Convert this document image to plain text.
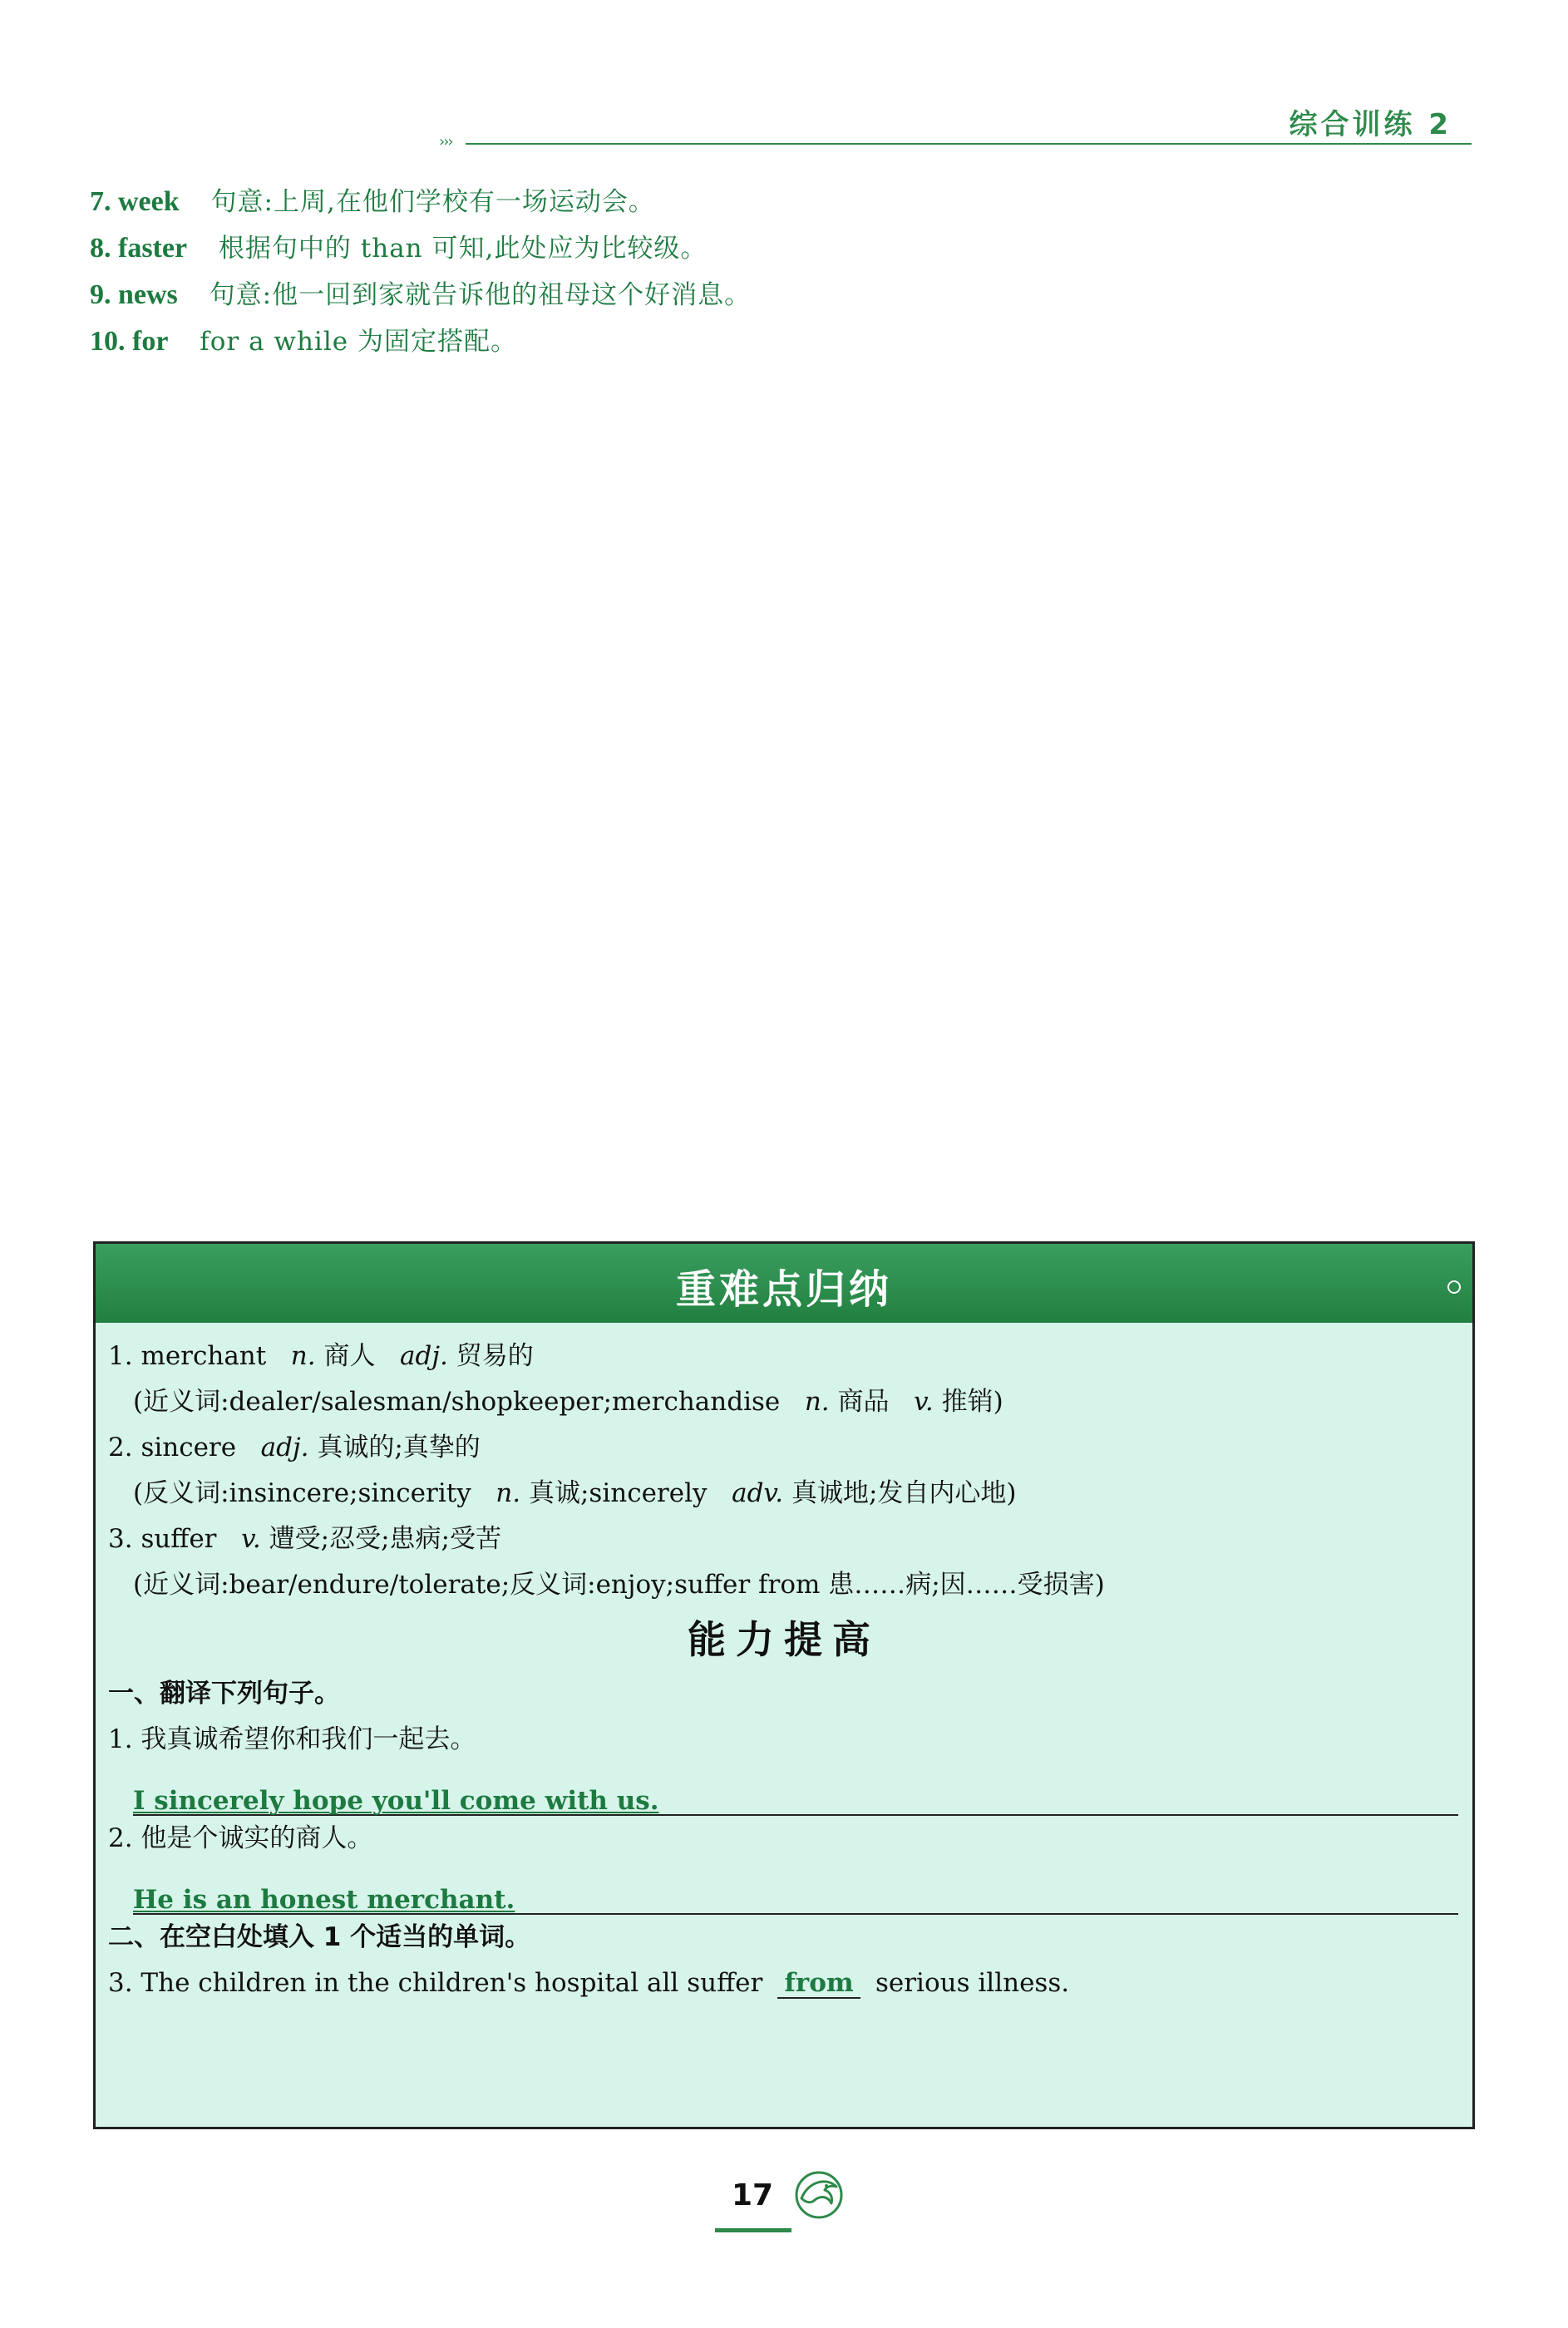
综合训练 2
›››
7. week 句意:上周,在他们学校有一场运动会。
8. faster 根据句中的 than 可知,此处应为比较级。
9. news 句意:他一回到家就告诉他的祖母这个好消息。
10. for for a while 为固定搭配。
重难点归纳
1. merchant n. 商人 adj. 贸易的
(近义词:dealer/salesman/shopkeeper;merchandise n. 商品 v. 推销)
2. sincere adj. 真诚的;真挚的
(反义词:insincere;sincerity n. 真诚;sincerely adv. 真诚地;发自内心地)
3. suffer v. 遭受;忍受;患病;受苦
(近义词:bear/endure/tolerate;反义词:enjoy;suffer from 患……病;因……受损害)
能力提高
一、翻译下列句子。
1. 我真诚希望你和我们一起去。
I sincerely hope you'll come with us.
2. 他是个诚实的商人。
He is an honest merchant.
二、在空白处填入 1 个适当的单词。
3. The children in the children's hospital all suffer from serious illness.
17
